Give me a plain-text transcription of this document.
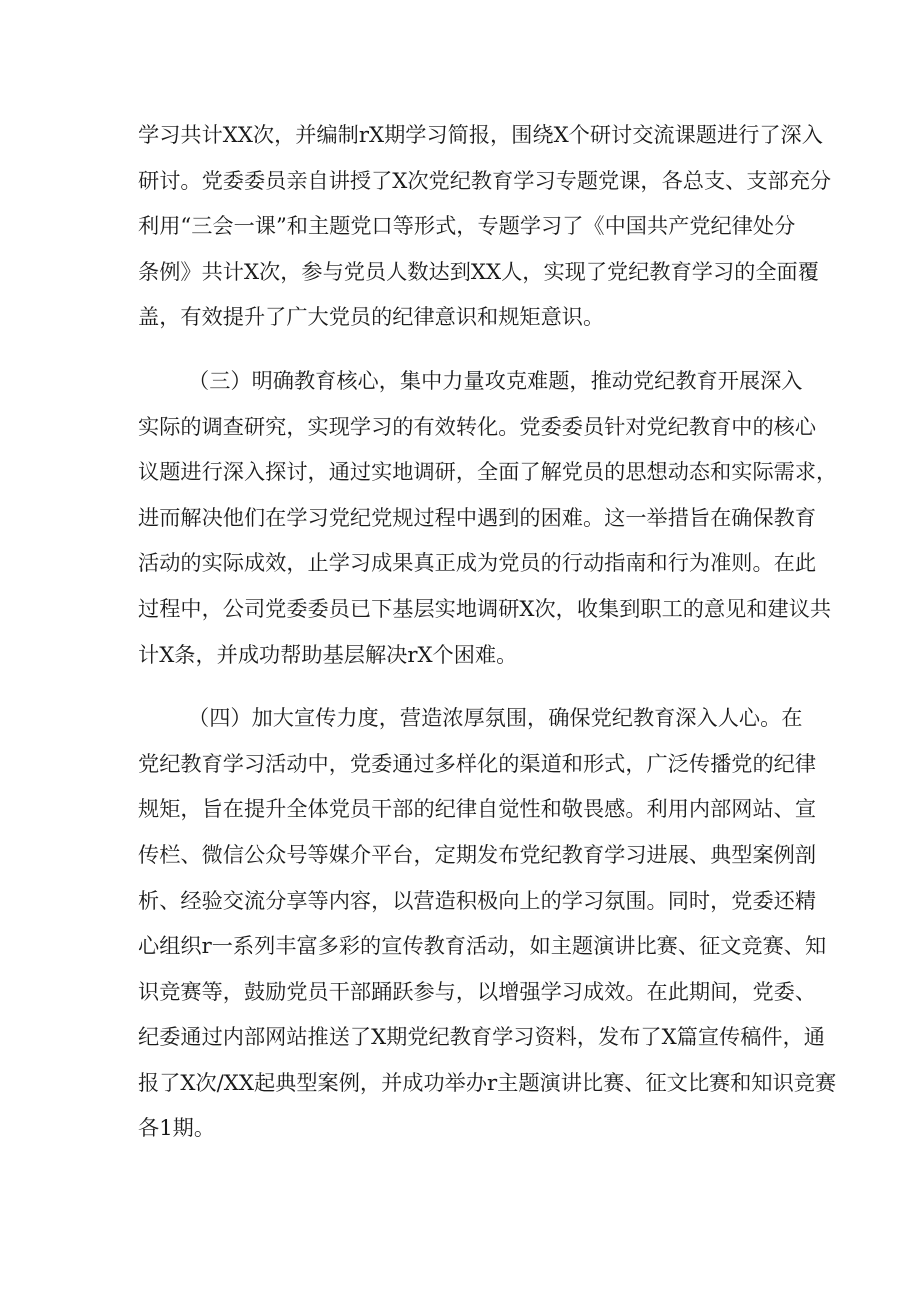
学习共计XX次，并编制rX期学习简报，围绕X个研讨交流课题进行了深入
研讨。党委委员亲自讲授了X次党纪教育学习专题党课，各总支、支部充分
利用“三会一课”和主题党口等形式，专题学习了《中国共产党纪律处分
条例》共计X次，参与党员人数达到XX人，实现了党纪教育学习的全面覆
盖，有效提升了广大党员的纪律意识和规矩意识。
（三）明确教育核心，集中力量攻克难题，推动党纪教育开展深入
实际的调查研究，实现学习的有效转化。党委委员针对党纪教育中的核心
议题进行深入探讨，通过实地调研，全面了解党员的思想动态和实际需求，
进而解决他们在学习党纪党规过程中遇到的困难。这一举措旨在确保教育
活动的实际成效，止学习成果真正成为党员的行动指南和行为准则。在此
过程中，公司党委委员已下基层实地调研X次，收集到职工的意见和建议共
计X条，并成功帮助基层解决rX个困难。
（四）加大宣传力度，营造浓厚氛围，确保党纪教育深入人心。在
党纪教育学习活动中，党委通过多样化的渠道和形式，广泛传播党的纪律
规矩，旨在提升全体党员干部的纪律自觉性和敬畏感。利用内部网站、宣
传栏、微信公众号等媒介平台，定期发布党纪教育学习进展、典型案例剖
析、经验交流分享等内容，以营造积极向上的学习氛围。同时，党委还精
心组织r一系列丰富多彩的宣传教育活动，如主题演讲比赛、征文竞赛、知
识竞赛等，鼓励党员干部踊跃参与，以增强学习成效。在此期间，党委、
纪委通过内部网站推送了X期党纪教育学习资料，发布了X篇宣传稿件，通
报了X次/XX起典型案例，并成功举办r主题演讲比赛、征文比赛和知识竞赛
各1期。
